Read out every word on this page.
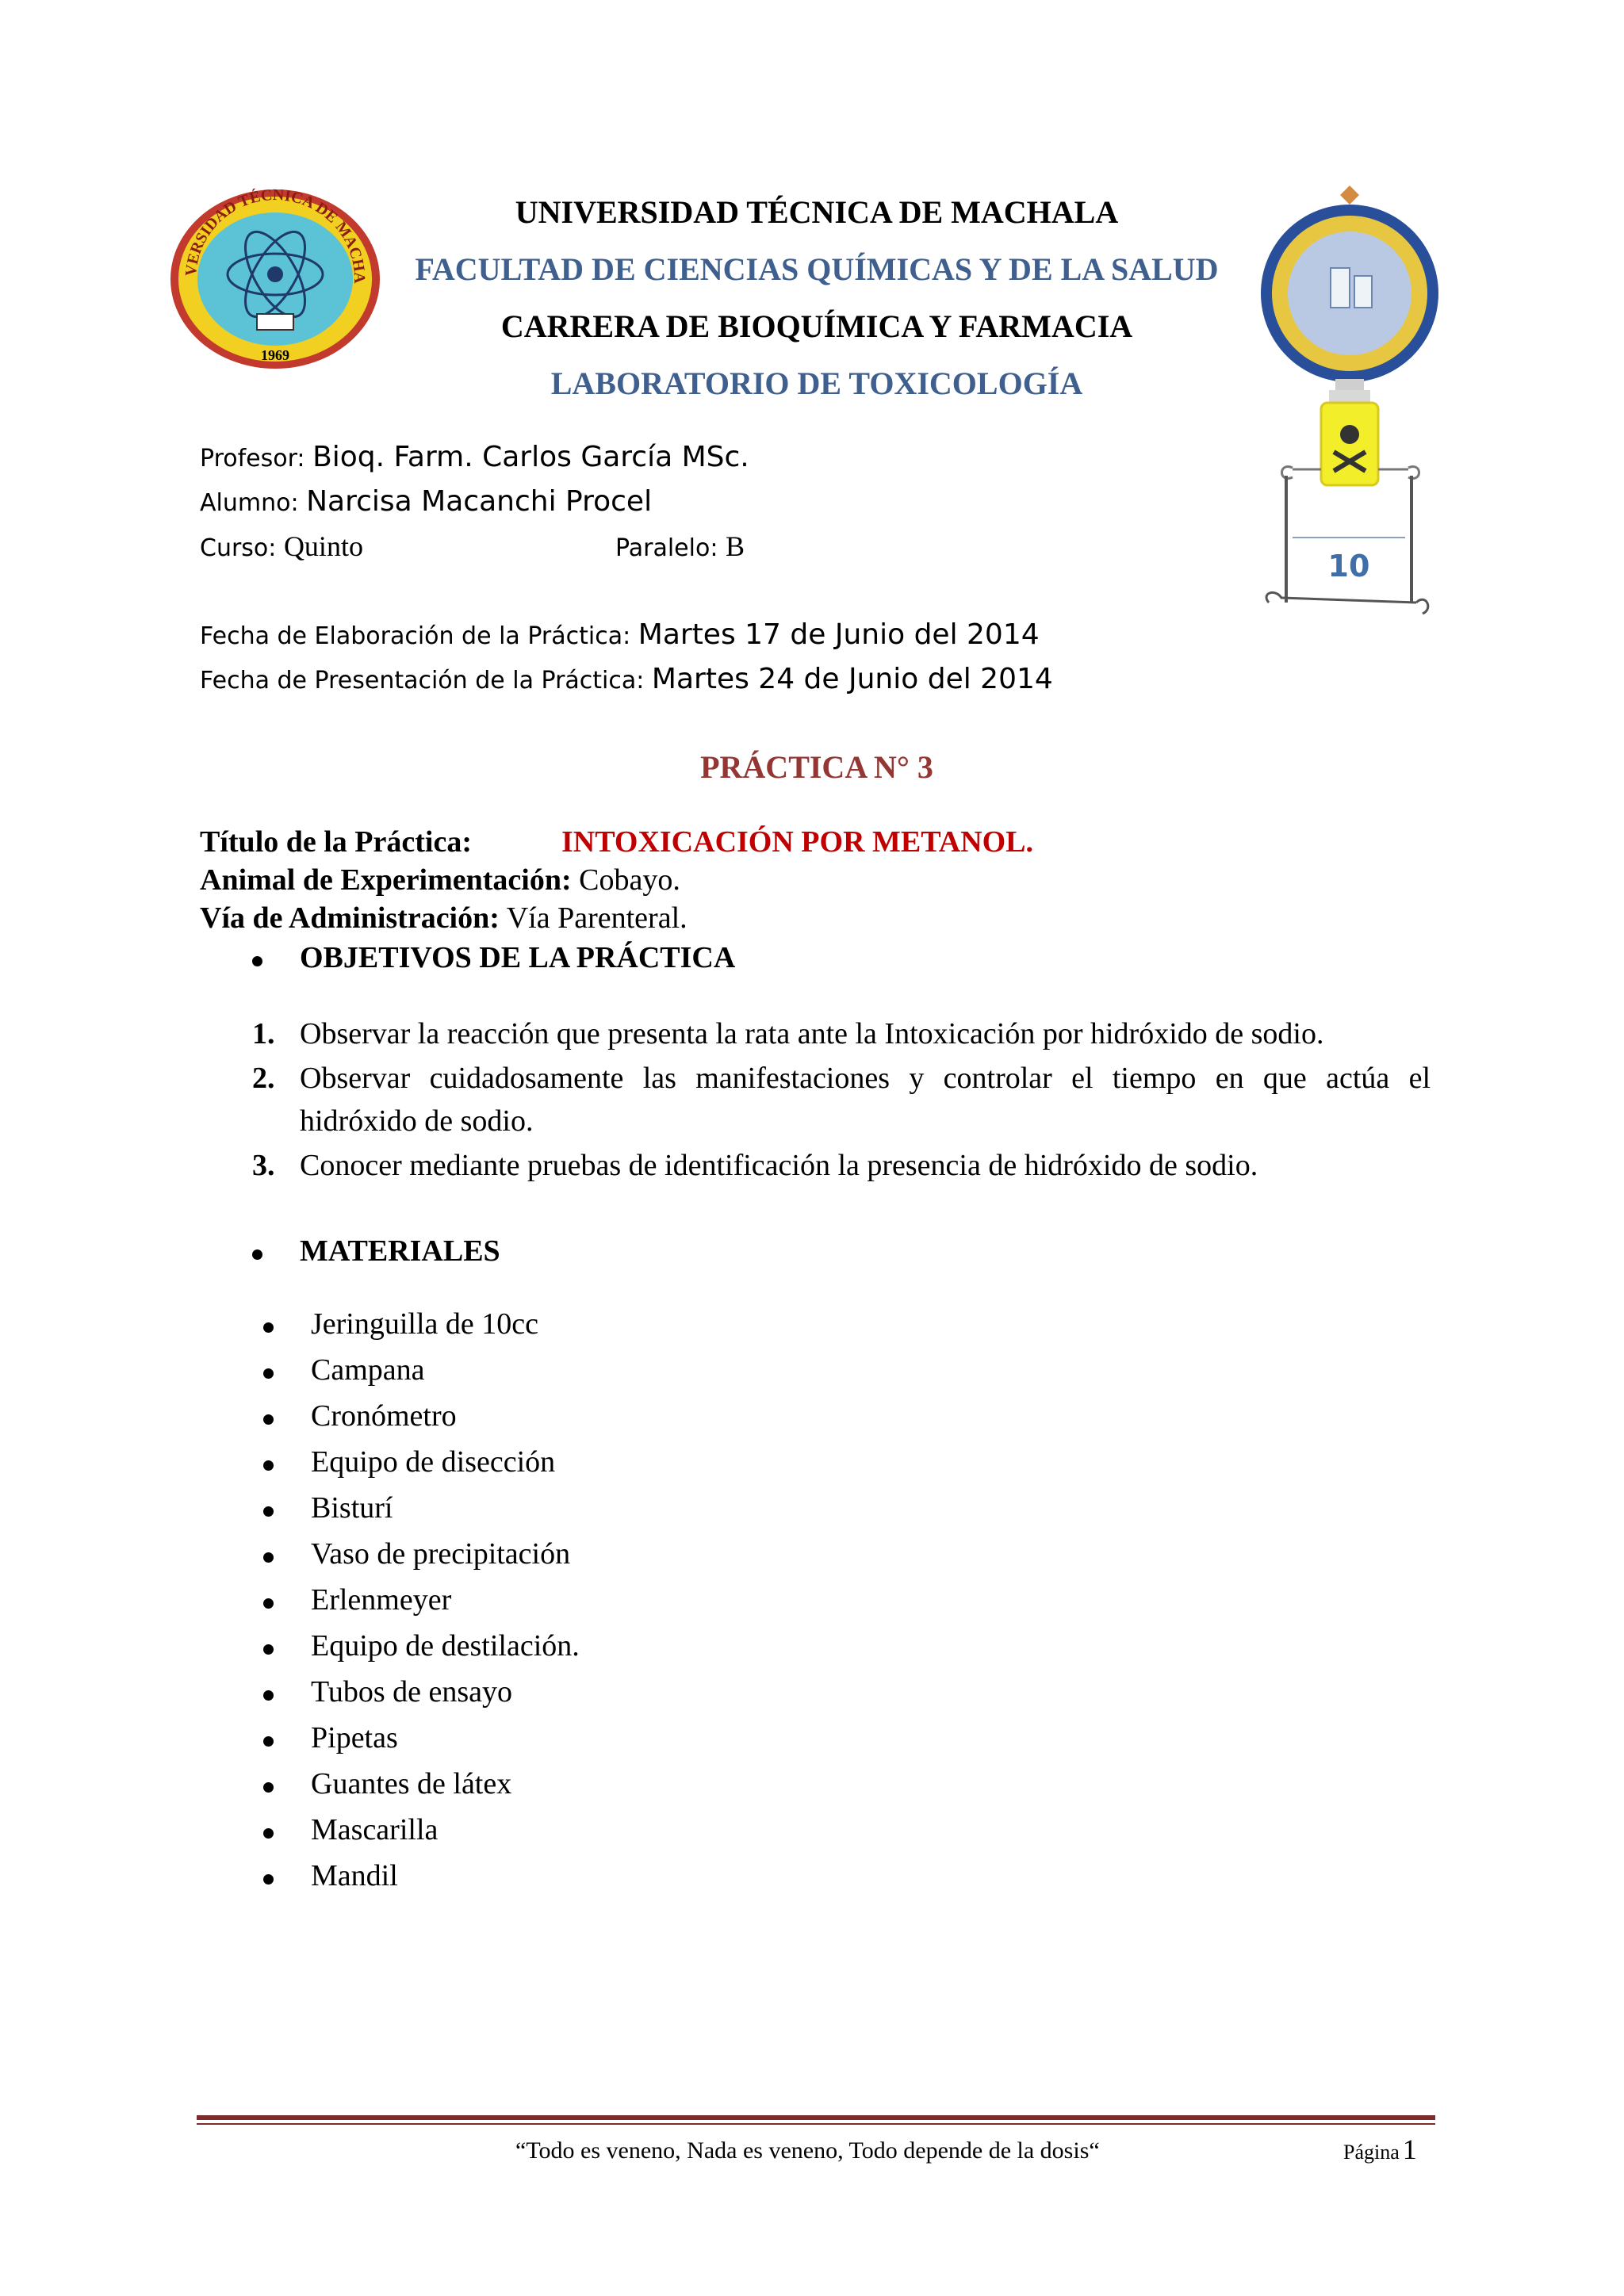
1969
VERSIDAD TÉCNICA DE MACHA
10
UNIVERSIDAD TÉCNICA DE MACHALA
FACULTAD DE CIENCIAS QUÍMICAS Y DE LA SALUD
CARRERA DE BIOQUÍMICA Y FARMACIA
LABORATORIO DE TOXICOLOGÍA
Profesor: Bioq. Farm. Carlos García MSc.
Alumno: Narcisa Macanchi Procel
Curso: Quinto	Paralelo: B
Fecha de Elaboración de la Práctica: Martes 17 de Junio del 2014
Fecha de Presentación de la Práctica: Martes 24 de Junio del 2014
PRÁCTICA N° 3
Título de la Práctica:	INTOXICACIÓN POR METANOL.
Animal de Experimentación: Cobayo.
Vía de Administración: Vía Parenteral.
OBJETIVOS DE LA PRÁCTICA
1. Observar la reacción que presenta la rata ante la Intoxicación por hidróxido de sodio.
2. Observar cuidadosamente las manifestaciones y controlar el tiempo en que actúa el
hidróxido de sodio.
3. Conocer mediante pruebas de identificación la presencia de hidróxido de sodio.
MATERIALES
Jeringuilla de 10cc
Campana
Cronómetro
Equipo de disección
Bisturí
Vaso de precipitación
Erlenmeyer
Equipo de destilación.
Tubos de ensayo
Pipetas
Guantes de látex
Mascarilla
Mandil
“Todo es veneno, Nada es veneno, Todo depende de la dosis“	Página 1
